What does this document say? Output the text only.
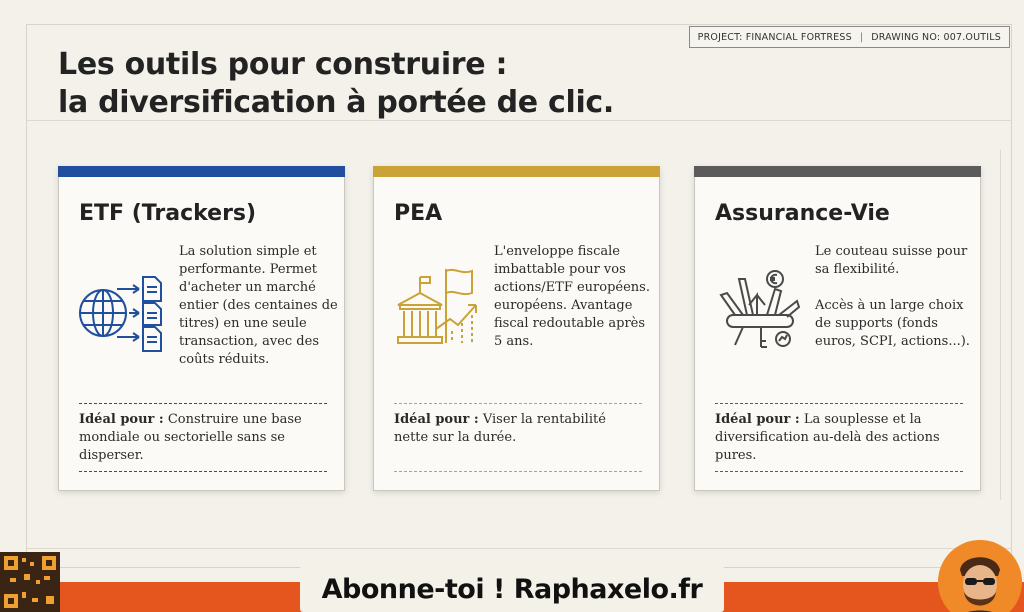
PROJECT: FINANCIAL FORTRESS | DRAWING NO: 007.OUTILS
Les outils pour construire :
la diversification à portée de clic.
ETF (Trackers)

La solution simple et performante. Permet d'acheter un marché entier (des centaines de titres) en une seule transaction, avec des coûts réduits.

Idéal pour : Construire une base mondiale ou sectorielle sans se disperser.
PEA

L'enveloppe fiscale imbattable pour vos actions/ETF européens. européens. Avantage fiscal redoutable après 5 ans.

Idéal pour : Viser la rentabilité nette sur la durée.
Assurance-Vie

Le couteau suisse pour sa flexibilité.

Accès à un large choix de supports (fonds euros, SCPI, actions...).

Idéal pour : La souplesse et la diversification au-delà des actions pures.
Abonne-toi ! Raphaxelo.fr
